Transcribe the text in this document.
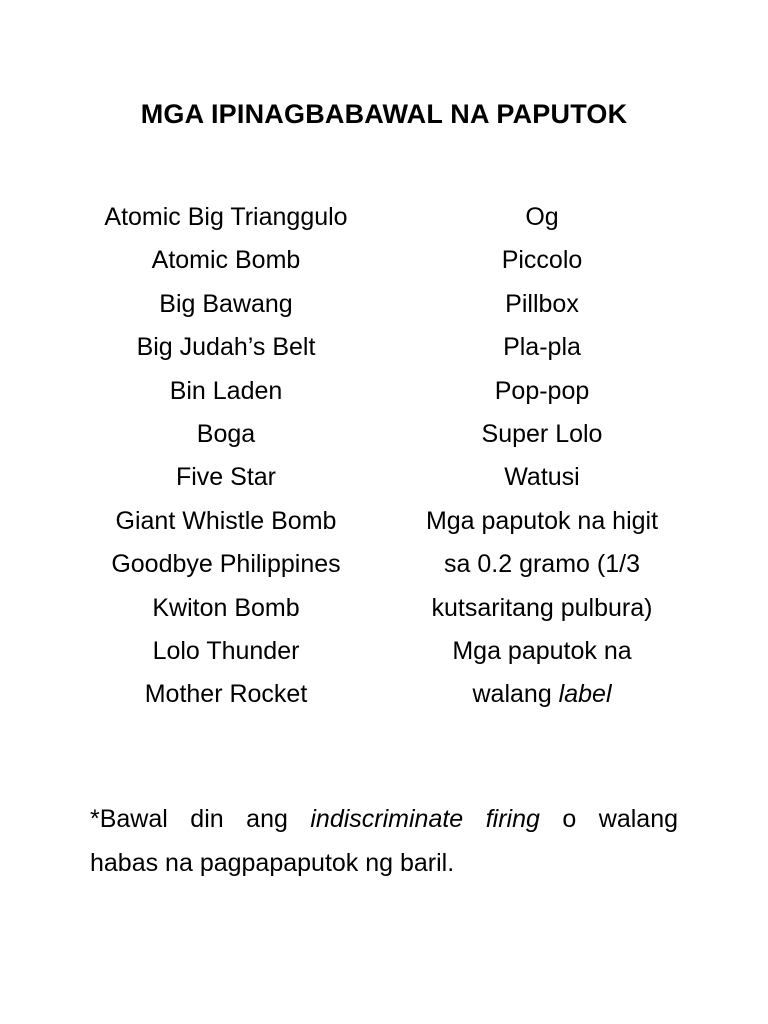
MGA IPINAGBABAWAL NA PAPUTOK
Atomic Big Trianggulo
Atomic Bomb
Big Bawang
Big Judah’s Belt
Bin Laden
Boga
Five Star
Giant Whistle Bomb
Goodbye Philippines
Kwiton Bomb
Lolo Thunder
Mother Rocket
Og
Piccolo
Pillbox
Pla-pla
Pop-pop
Super Lolo
Watusi
Mga paputok na higit
sa 0.2 gramo (1/3
kutsaritang pulbura)
Mga paputok na
walang label
*Bawal din ang indiscriminate firing o walang
habas na pagpapaputok ng baril.
